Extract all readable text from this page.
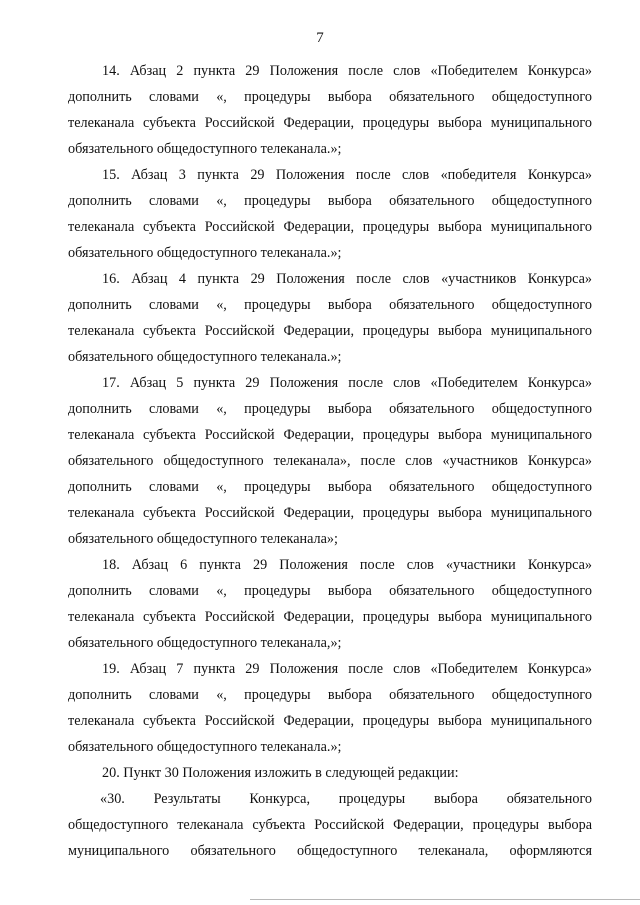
7
14. Абзац 2 пункта 29 Положения после слов «Победителем Конкурса»
дополнить словами «, процедуры выбора обязательного общедоступного
телеканала субъекта Российской Федерации, процедуры выбора муниципального
обязательного общедоступного телеканала.»;
15. Абзац 3 пункта 29 Положения после слов «победителя Конкурса»
дополнить словами «, процедуры выбора обязательного общедоступного
телеканала субъекта Российской Федерации, процедуры выбора муниципального
обязательного общедоступного телеканала.»;
16. Абзац 4 пункта 29 Положения после слов «участников Конкурса»
дополнить словами «, процедуры выбора обязательного общедоступного
телеканала субъекта Российской Федерации, процедуры выбора муниципального
обязательного общедоступного телеканала.»;
17. Абзац 5 пункта 29 Положения после слов «Победителем Конкурса»
дополнить словами «, процедуры выбора обязательного общедоступного
телеканала субъекта Российской Федерации, процедуры выбора муниципального
обязательного общедоступного телеканала», после слов «участников Конкурса»
дополнить словами «, процедуры выбора обязательного общедоступного
телеканала субъекта Российской Федерации, процедуры выбора муниципального
обязательного общедоступного телеканала»;
18. Абзац 6 пункта 29 Положения после слов «участники Конкурса»
дополнить словами «, процедуры выбора обязательного общедоступного
телеканала субъекта Российской Федерации, процедуры выбора муниципального
обязательного общедоступного телеканала,»;
19. Абзац 7 пункта 29 Положения после слов «Победителем Конкурса»
дополнить словами «, процедуры выбора обязательного общедоступного
телеканала субъекта Российской Федерации, процедуры выбора муниципального
обязательного общедоступного телеканала.»;
20. Пункт 30 Положения изложить в следующей редакции:
«30. Результаты Конкурса, процедуры выбора обязательного
общедоступного телеканала субъекта Российской Федерации, процедуры выбора
муниципального обязательного общедоступного телеканала, оформляются
